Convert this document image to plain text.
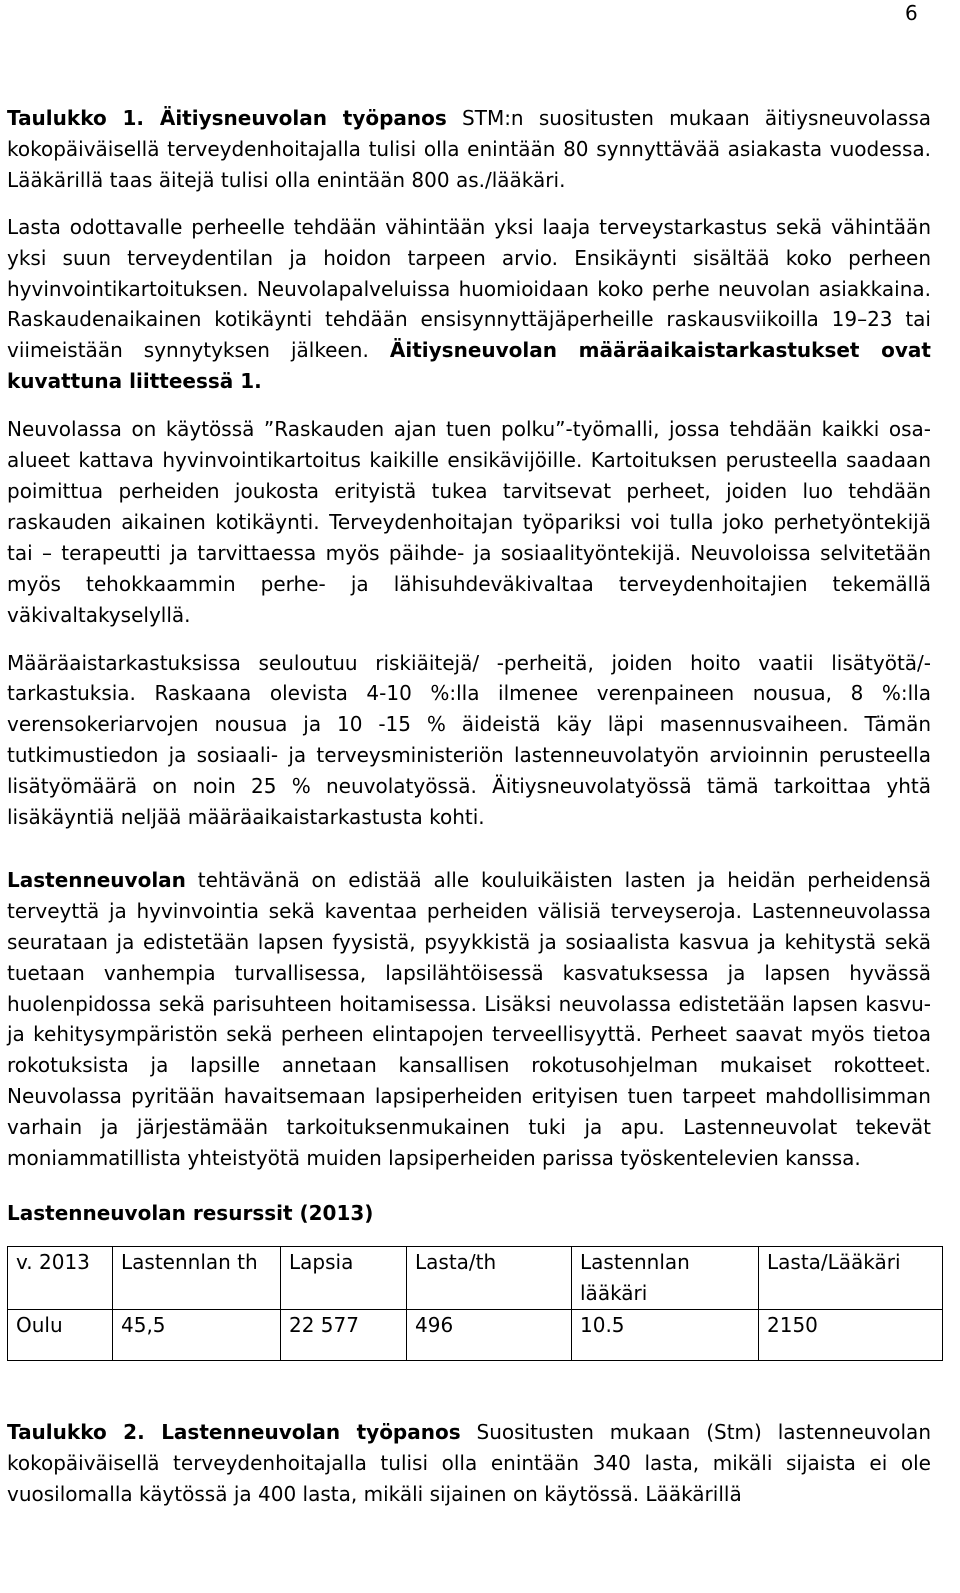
6

Taulukko 1. Äitiysneuvolan työpanos STM:n suositusten mukaan äitiysneuvolassa kokopäiväisellä terveydenhoitajalla tulisi olla enintään 80 synnyttävää asiakasta vuodessa. Lääkärillä taas äitejä tulisi olla enintään 800 as./lääkäri.

Lasta odottavalle perheelle tehdään vähintään yksi laaja terveystarkastus sekä vähintään yksi suun terveydentilan ja hoidon tarpeen arvio. Ensikäynti sisältää koko perheen hyvinvointikartoituksen. Neuvolapalveluissa huomioidaan koko perhe neuvolan asiakkaina. Raskaudenaikainen kotikäynti tehdään ensisynnyttäjäperheille raskausviikoilla 19–23 tai viimeistään synnytyksen jälkeen. Äitiysneuvolan määräaikaistarkastukset ovat kuvattuna liitteessä 1.

Neuvolassa on käytössä ”Raskauden ajan tuen polku”-työmalli, jossa tehdään kaikki osa-alueet kattava hyvinvointikartoitus kaikille ensikävijöille. Kartoituksen perusteella saadaan poimittua perheiden joukosta erityistä tukea tarvitsevat perheet, joiden luo tehdään raskauden aikainen kotikäynti. Terveydenhoitajan työpariksi voi tulla joko perhetyöntekijä tai – terapeutti ja tarvittaessa myös päihde- ja sosiaalityöntekijä. Neuvoloissa selvitetään myös tehokkaammin perhe- ja lähisuhdeväkivaltaa terveydenhoitajien tekemällä väkivaltakyselyllä.

Määräaistarkastuksissa seuloutuu riskiäitejä/ -perheitä, joiden hoito vaatii lisätyötä/-tarkastuksia. Raskaana olevista 4-10 %:lla ilmenee verenpaineen nousua, 8 %:lla verensokeriarvojen nousua ja 10 -15 % äideistä käy läpi masennusvaiheen. Tämän tutkimustiedon ja sosiaali- ja terveysministeriön lastenneuvolatyön arvioinnin perusteella lisätyömäärä on noin 25 % neuvolatyössä. Äitiysneuvolatyössä tämä tarkoittaa yhtä lisäkäyntiä neljää määräaikaistarkastusta kohti.

Lastenneuvolan tehtävänä on edistää alle kouluikäisten lasten ja heidän perheidensä terveyttä ja hyvinvointia sekä kaventaa perheiden välisiä terveyseroja. Lastenneuvolassa seurataan ja edistetään lapsen fyysistä, psyykkistä ja sosiaalista kasvua ja kehitystä sekä tuetaan vanhempia turvallisessa, lapsilähtöisessä kasvatuksessa ja lapsen hyvässä huolenpidossa sekä parisuhteen hoitamisessa. Lisäksi neuvolassa edistetään lapsen kasvu- ja kehitysympäristön sekä perheen elintapojen terveellisyyttä. Perheet saavat myös tietoa rokotuksista ja lapsille annetaan kansallisen rokotusohjelman mukaiset rokotteet. Neuvolassa pyritään havaitsemaan lapsiperheiden erityisen tuen tarpeet mahdollisimman varhain ja järjestämään tarkoituksenmukainen tuki ja apu. Lastenneuvolat tekevät moniammatillista yhteistyötä muiden lapsiperheiden parissa työskentelevien kanssa.

Lastenneuvolan resurssit (2013)

v. 2013	Lastennlan th	Lapsia	Lasta/th	Lastennlan lääkäri	Lasta/Lääkäri
Oulu	45,5	22 577	496	10.5	2150

Taulukko 2. Lastenneuvolan työpanos Suositusten mukaan (Stm) lastenneuvolan kokopäiväisellä terveydenhoitajalla tulisi olla enintään 340 lasta, mikäli sijaista ei ole vuosilomalla käytössä ja 400 lasta, mikäli sijainen on käytössä. Lääkärillä
